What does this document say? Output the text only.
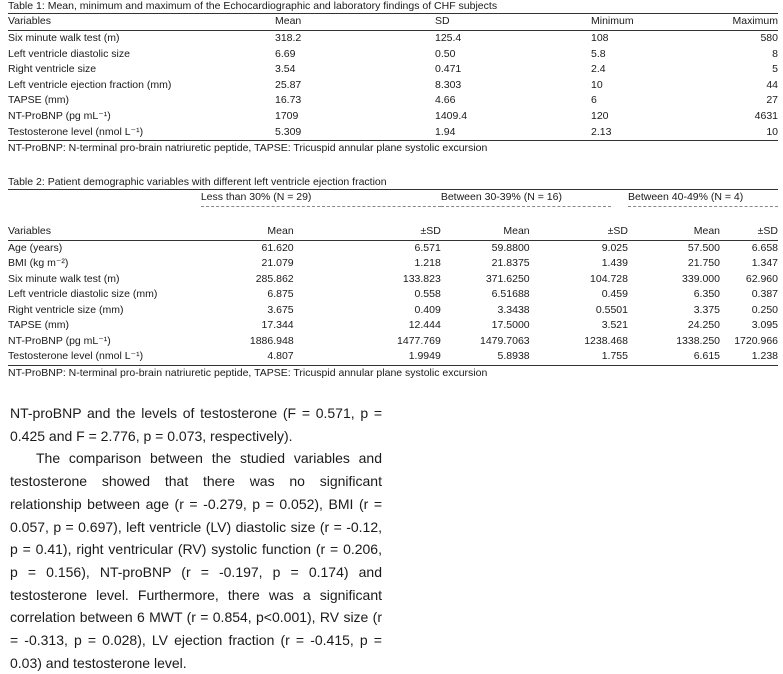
Table 1: Mean, minimum and maximum of the Echocardiographic and laboratory findings of CHF subjects
Variables	Mean	SD	Minimum	Maximum
Six minute walk test (m)	318.2	125.4	108	580
Left ventricle diastolic size	6.69	0.50	5.8	8
Right ventricle size	3.54	0.471	2.4	5
Left ventricle ejection fraction (mm)	25.87	8.303	10	44
TAPSE (mm)	16.73	4.66	6	27
NT-ProBNP (pg mL⁻¹)	1709	1409.4	120	4631
Testosterone level (nmol L⁻¹)	5.309	1.94	2.13	10
NT-ProBNP: N-terminal pro-brain natriuretic peptide, TAPSE: Tricuspid annular plane systolic excursion
Table 2: Patient demographic variables with different left ventricle ejection fraction
	Less than 30% (N = 29)		Between 30-39% (N = 16)		Between 40-49% (N = 4)	

Variables	Mean	±SD	Mean	±SD	Mean	±SD
Age (years)	61.620	6.571	59.8800	9.025	57.500	6.658
BMI (kg m⁻²)	21.079	1.218	21.8375	1.439	21.750	1.347
Six minute walk test (m)	285.862	133.823	371.6250	104.728	339.000	62.960
Left ventricle diastolic size (mm)	6.875	0.558	6.51688	0.459	6.350	0.387
Right ventricle size (mm)	3.675	0.409	3.3438	0.5501	3.375	0.250
TAPSE (mm)	17.344	12.444	17.5000	3.521	24.250	3.095
NT-ProBNP (pg mL⁻¹)	1886.948	1477.769	1479.7063	1238.468	1338.250	1720.966
Testosterone level (nmol L⁻¹)	4.807	1.9949	5.8938	1.755	6.615	1.238
NT-ProBNP: N-terminal pro-brain natriuretic peptide, TAPSE: Tricuspid annular plane systolic excursion

NT-proBNP and the levels of testosterone (F = 0.571, p = 0.425 and F = 2.776, p = 0.073, respectively).

The comparison between the studied variables and testosterone showed that there was no significant relationship between age (r = -0.279, p = 0.052), BMI (r = 0.057, p = 0.697), left ventricle (LV) diastolic size (r = -0.12, p = 0.41), right ventricular (RV) systolic function (r = 0.206, p = 0.156), NT-proBNP (r = -0.197, p = 0.174) and testosterone level. Furthermore, there was a significant correlation between 6 MWT (r = 0.854, p<0.001), RV size (r = -0.313, p = 0.028), LV ejection fraction (r = -0.415, p = 0.03) and testosterone level.
